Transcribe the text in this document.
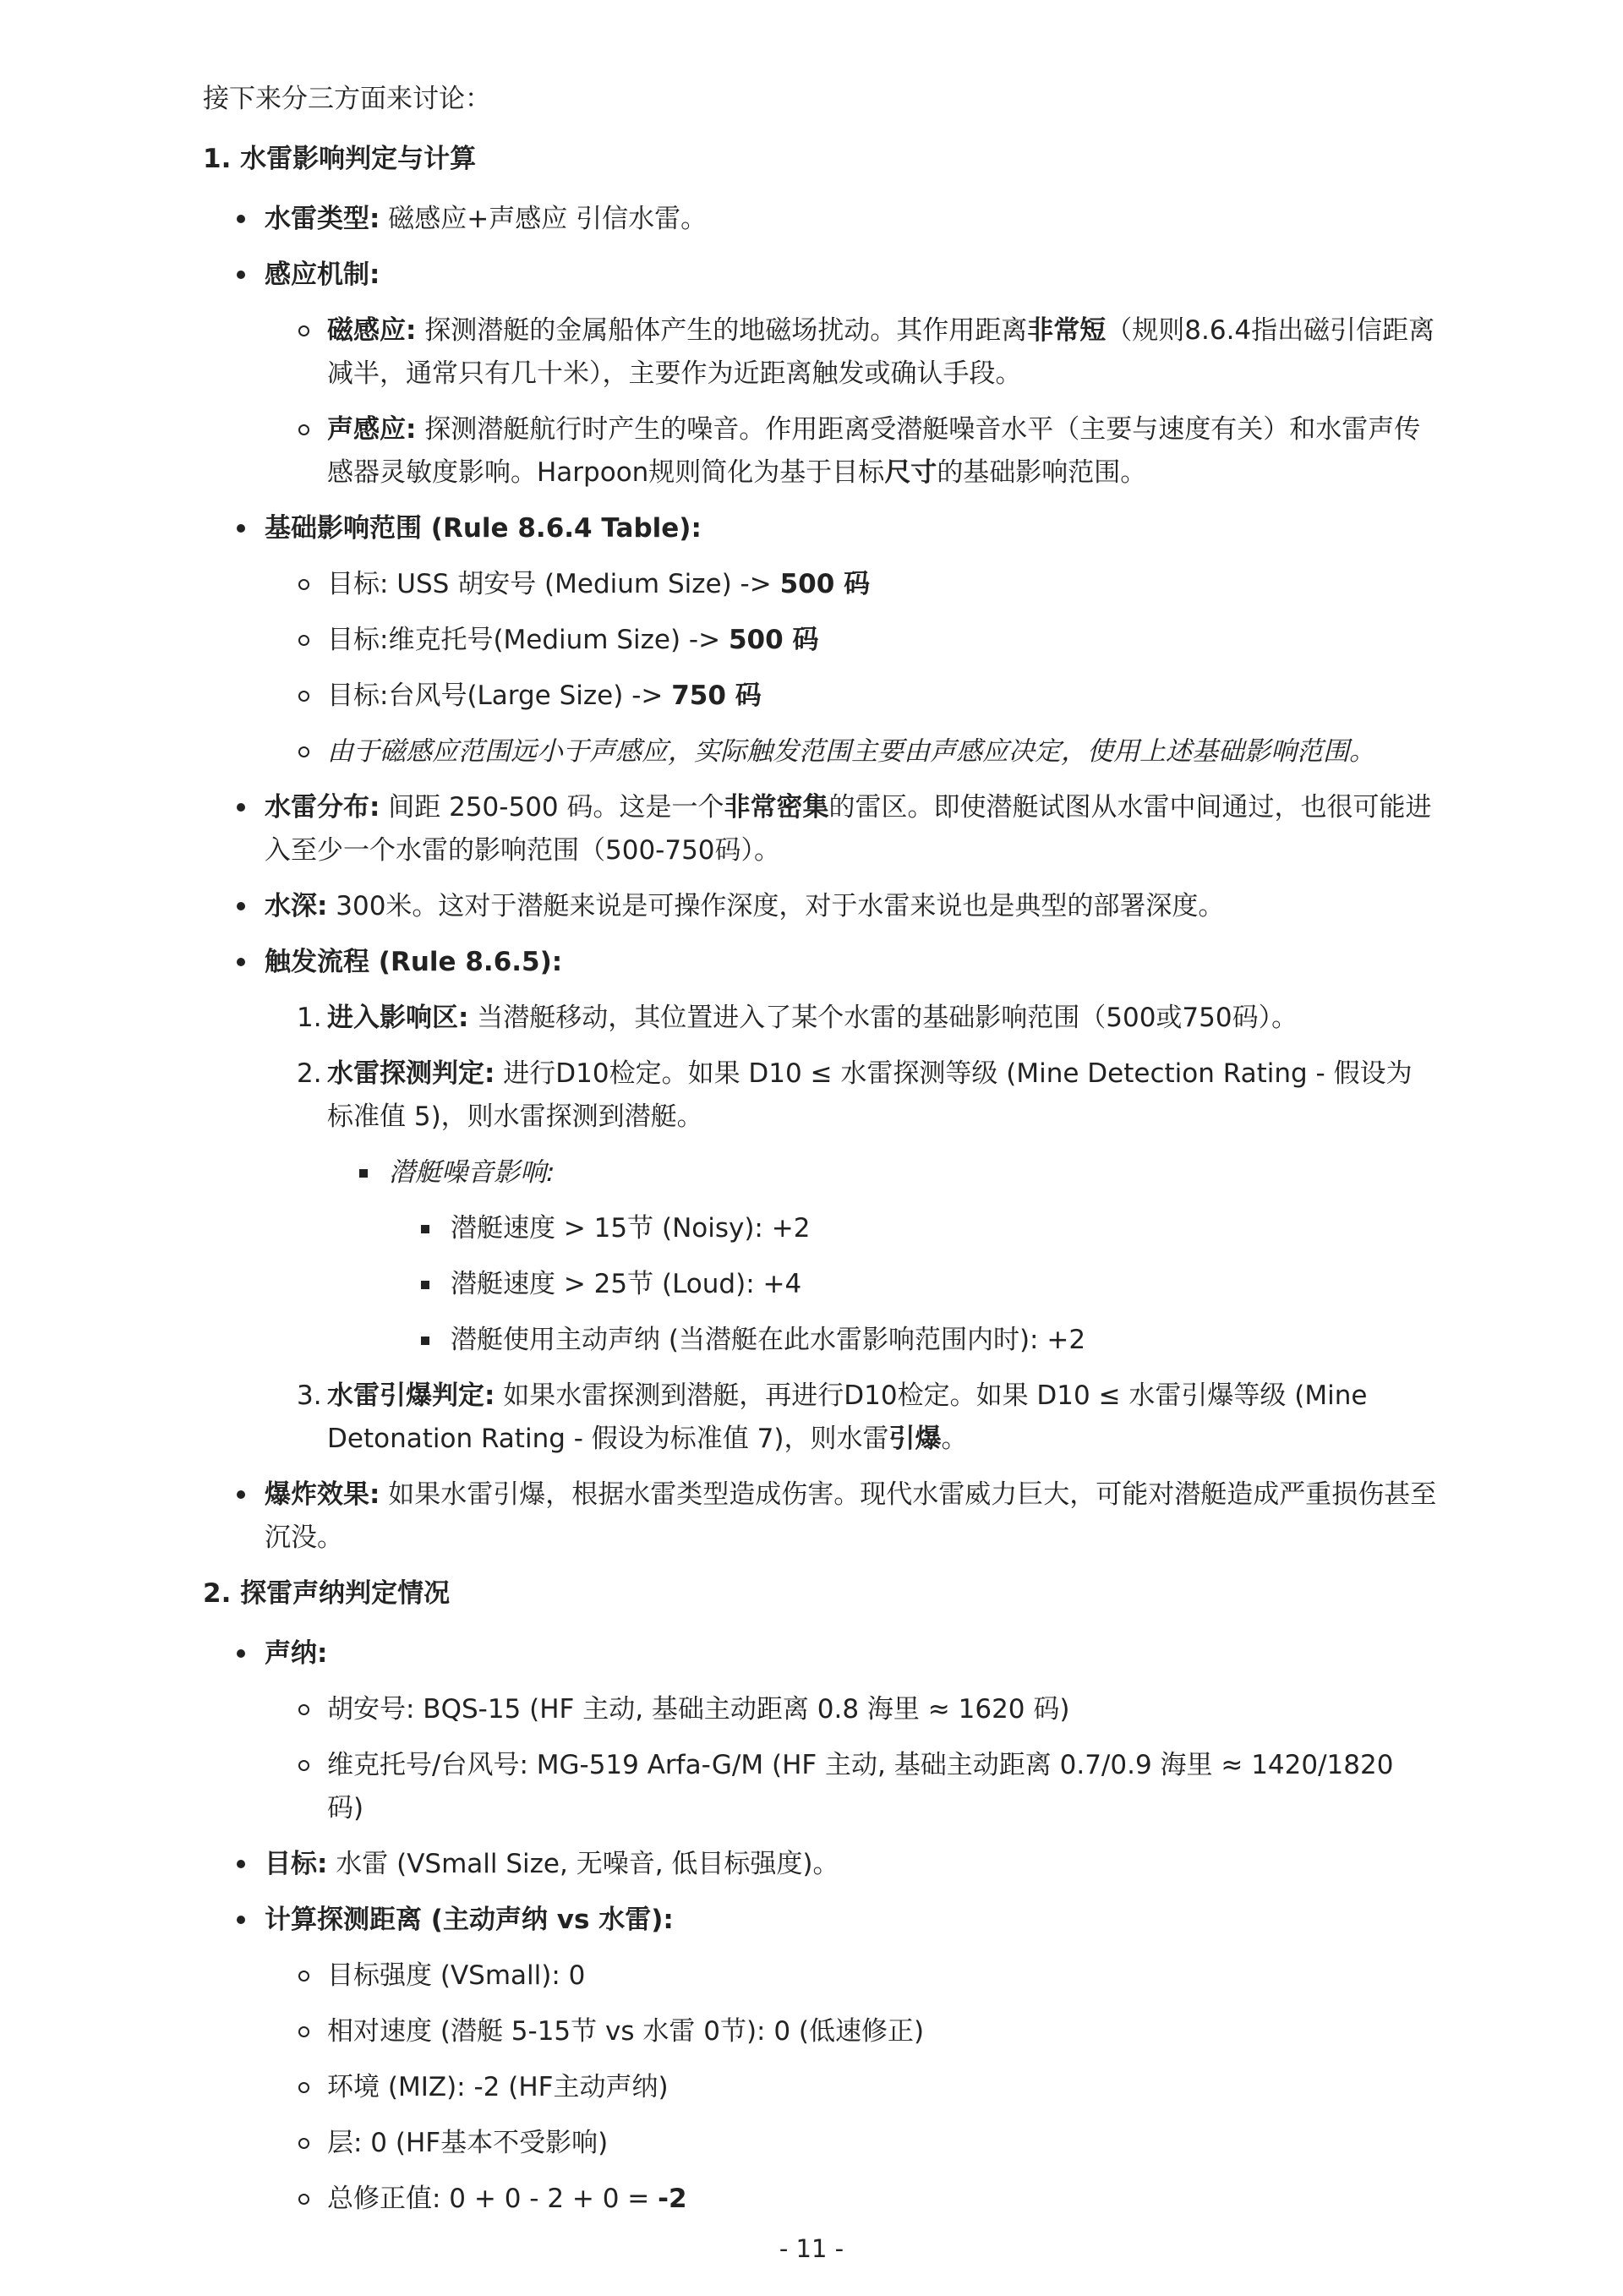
接下来分三方面来讨论：

1. 水雷影响判定与计算

水雷类型: 磁感应+声感应 引信水雷。
感应机制:
磁感应: 探测潜艇的金属船体产生的地磁场扰动。其作用距离非常短（规则8.6.4指出磁引信距离减半，通常只有几十米），主要作为近距离触发或确认手段。
声感应: 探测潜艇航行时产生的噪音。作用距离受潜艇噪音水平（主要与速度有关）和水雷声传感器灵敏度影响。Harpoon规则简化为基于目标尺寸的基础影响范围。
基础影响范围 (Rule 8.6.4 Table):
目标: USS 胡安号 (Medium Size) -> 500 码
目标:维克托号(Medium Size) -> 500 码
目标:台风号(Large Size) -> 750 码
由于磁感应范围远小于声感应，实际触发范围主要由声感应决定，使用上述基础影响范围。
水雷分布: 间距 250-500 码。这是一个非常密集的雷区。即使潜艇试图从水雷中间通过，也很可能进入至少一个水雷的影响范围（500-750码）。
水深: 300米。这对于潜艇来说是可操作深度，对于水雷来说也是典型的部署深度。
触发流程 (Rule 8.6.5):
1. 进入影响区: 当潜艇移动，其位置进入了某个水雷的基础影响范围（500或750码）。
2. 水雷探测判定: 进行D10检定。如果 D10 ≤ 水雷探测等级 (Mine Detection Rating - 假设为标准值 5)，则水雷探测到潜艇。
潜艇噪音影响:
潜艇速度 > 15节 (Noisy): +2
潜艇速度 > 25节 (Loud): +4
潜艇使用主动声纳 (当潜艇在此水雷影响范围内时): +2
3. 水雷引爆判定: 如果水雷探测到潜艇，再进行D10检定。如果 D10 ≤ 水雷引爆等级 (Mine Detonation Rating - 假设为标准值 7)，则水雷引爆。
爆炸效果: 如果水雷引爆，根据水雷类型造成伤害。现代水雷威力巨大，可能对潜艇造成严重损伤甚至沉没。

2. 探雷声纳判定情况

声纳:
胡安号: BQS-15 (HF 主动, 基础主动距离 0.8 海里 ≈ 1620 码)
维克托号/台风号: MG-519 Arfa-G/M (HF 主动, 基础主动距离 0.7/0.9 海里 ≈ 1420/1820 码)
目标: 水雷 (VSmall Size, 无噪音, 低目标强度)。
计算探测距离 (主动声纳 vs 水雷):
目标强度 (VSmall): 0
相对速度 (潜艇 5-15节 vs 水雷 0节): 0 (低速修正)
环境 (MIZ): -2 (HF主动声纳)
层: 0 (HF基本不受影响)
总修正值: 0 + 0 - 2 + 0 = -2
- 11 -
